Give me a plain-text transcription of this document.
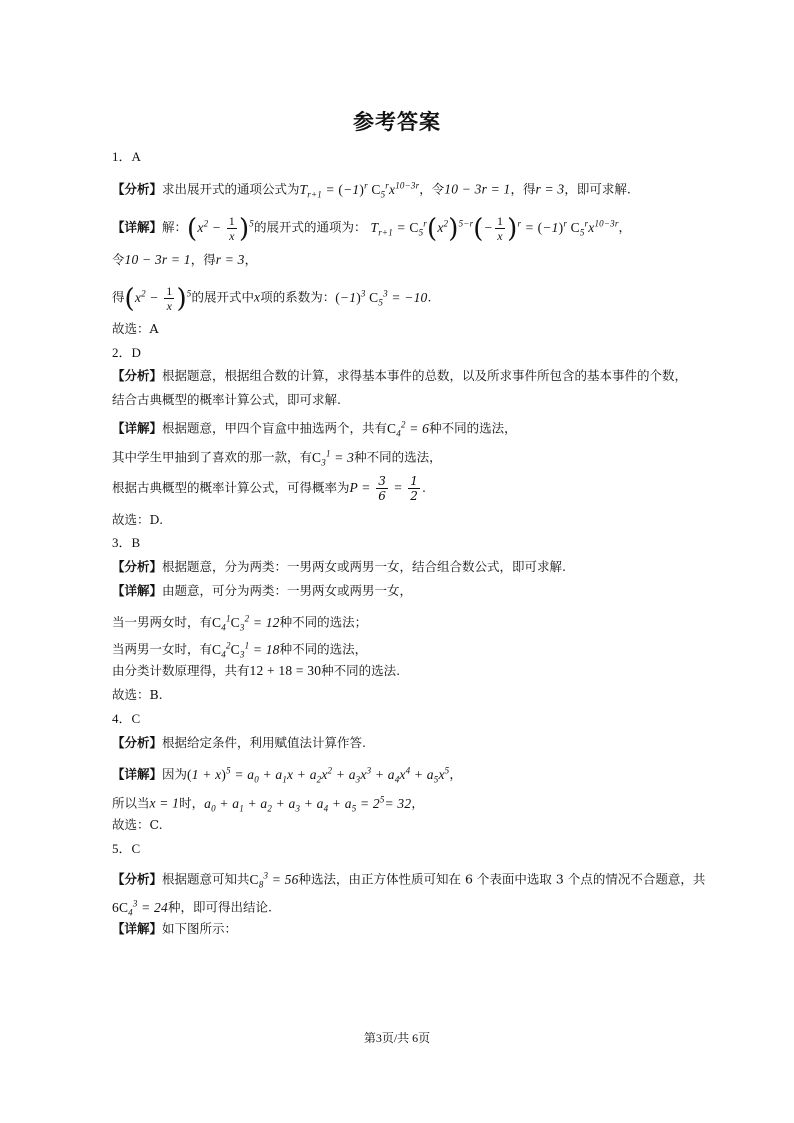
参考答案
1．A
【分析】求出展开式的通项公式为$T_{r+1} = (-1)^r$ $C_5^rx^{10-3r}$，令10 − 3r = 1，得r = 3，即可求解.
【详解】解：$(x^2 - \frac{1}{x} )^5$的展开式的通项为： $T_{r+1} = C_5^r(x^2)^{5-r}(- \frac{1}{x} )^r = (-1)^r$ $C_5^rx^{10-3r}$，
令10 − 3r = 1，得r = 3，
得$(x^2 - \frac{1}{x} )^5$的展开式中x项的系数为：$(-1)^3$ $C_5^3 = -10$.
故选：A
2．D
【分析】根据题意，根据组合数的计算，求得基本事件的总数，以及所求事件所包含的基本事件的个数，
结合古典概型的概率计算公式，即可求解.
【详解】根据题意，甲四个盲盒中抽选两个，共有$C_4^2 = 6$种不同的选法，
其中学生甲抽到了喜欢的那一款，有$C_3^1 = 3$种不同的选法，
根据古典概型的概率计算公式，可得概率为$P = \frac{3}{6} = \frac{1}{2}$ .
故选：D.
3．B
【分析】根据题意，分为两类：一男两女或两男一女，结合组合数公式，即可求解.
【详解】由题意，可分为两类：一男两女或两男一女，
当一男两女时，有$C_4^1C_3^2 = 12$种不同的选法；
当两男一女时，有$C_4^2C_3^1 = 18$种不同的选法，
由分类计数原理得，共有12 + 18 = 30种不同的选法.
故选：B.
4．C
【分析】根据给定条件，利用赋值法计算作答.
【详解】因为$(1 + x)^5 = a_0 + a_1x + a_2x^2 + a_3x^3 + a_4x^4 + a_5x^5$，
所以当x = 1时，$a_0 + a_1 + a_2 + a_3 + a_4 + a_5 = 2^5= 32$，
故选：C.
5．C
【分析】根据题意可知共$C_8^3 = 56$种选法，由正方体性质可知在 6 个表面中选取 3 个点的情况不合题意，共
$6C_4^3 = 24$种，即可得出结论.
【详解】如下图所示：
第3页/共 6页
